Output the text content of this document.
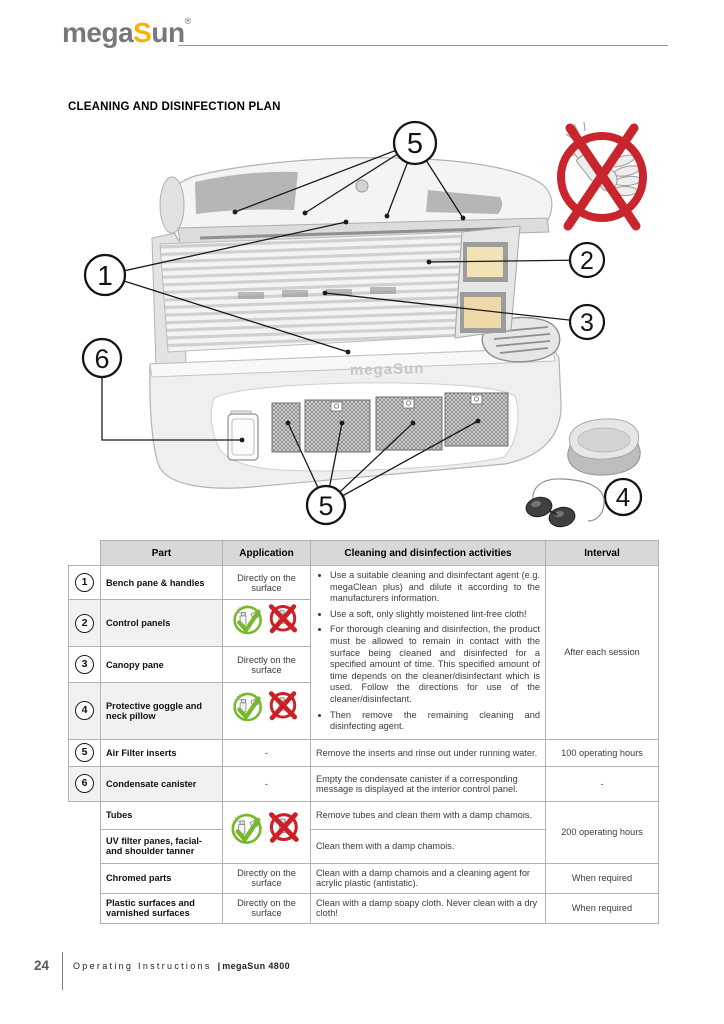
megaSun®
CLEANING AND DISINFECTION PLAN
megaSun
5
1
6
2
3
5	4
	Part	Application	Cleaning and disinfection activities	Interval
1	Bench pane & handles	Directly on the surface	
• Use a suitable cleaning and disinfectant agent (e.g. megaClean plus) and dilute it according to the manufacturers information.
• Use a soft, only slightly moistened lint-free cloth!
• For thorough cleaning and disinfection, the product must be allowed to remain in contact with the surface being cleaned and disinfected for a specified amount of time. This specified amount of time depends on the cleaner/disinfectant which is used. Follow the directions for use of the cleaner/disinfectant.
• Then remove the remaining cleaning and disinfecting agent.
	After each session
2	Control panels	
3	Canopy pane	Directly on the surface		
4	Protective goggle and neck pillow	
5	Air Filter inserts	-	Remove the inserts and rinse out under running water.	100 operating hours
6	Condensate canister	-	Empty the condensate canister if a corresponding message is displayed at the interior control panel.	-
	Tubes		Remove tubes and clean them with a damp chamois.	200 operating hours
	UV filter panes, facial- and shoulder tanner		Clean them with a damp chamois.	
	Chromed parts	Directly on the surface	Clean with a damp chamois and a cleaning agent for acrylic plastic (antistatic).	When required
	Plastic surfaces and varnished surfaces	Directly on the surface	Clean with a damp soapy cloth. Never clean with a dry cloth!	When required
24	Operating Instructions | megaSun 4800
